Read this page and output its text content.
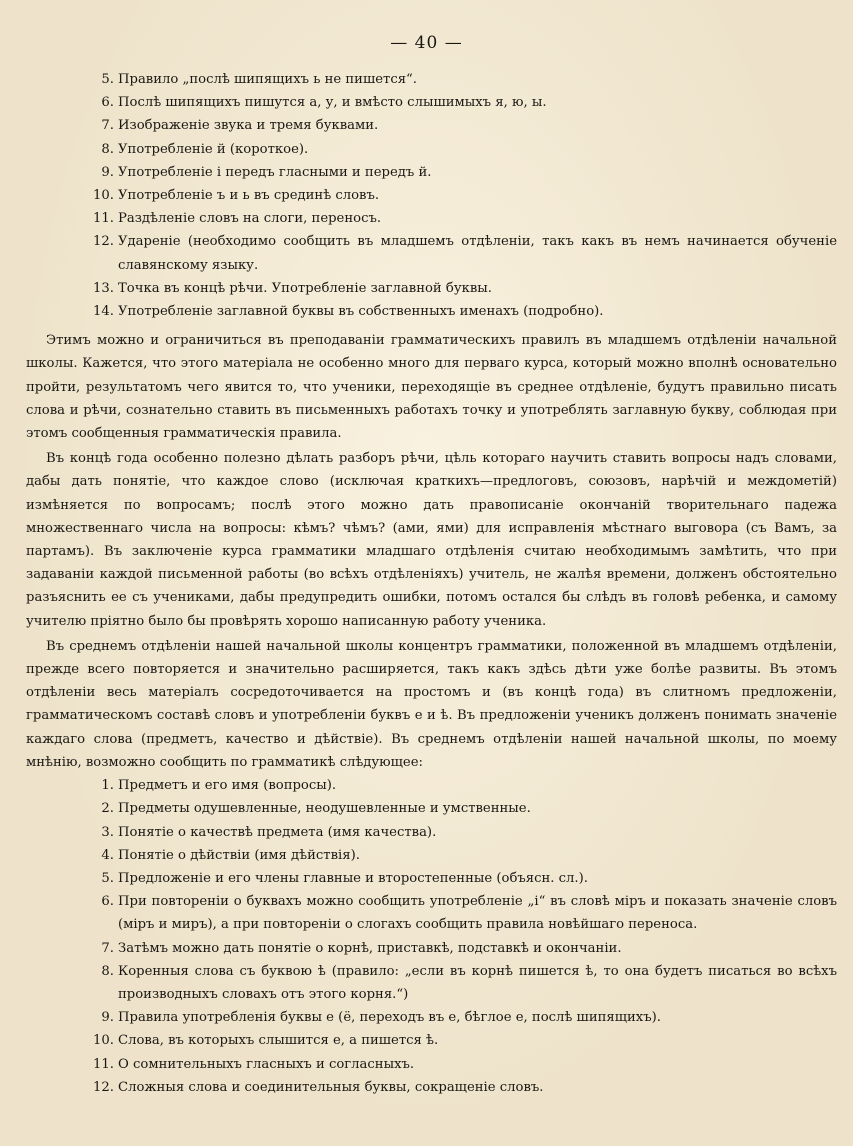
— 40 —
5. Правило „послѣ шипящихъ ь не пишется“.
6. Послѣ шипящихъ пишутся а, у, и вмѣсто слышимыхъ я, ю, ы.
7. Изображеніе звука и тремя буквами.
8. Употребленіе й (короткое).
9. Употребленіе і передъ гласными и передъ й.
10. Употребленіе ъ и ь въ срединѣ словъ.
11. Раздѣленіе словъ на слоги, переносъ.
12. Удареніе (необходимо сообщить въ младшемъ отдѣленіи, такъ какъ въ немъ начинается обученіе славянскому языку.
13. Точка въ концѣ рѣчи. Употребленіе заглавной буквы.
14. Употребленіе заглавной буквы въ собственныхъ именахъ (подробно).

Этимъ можно и ограничиться въ преподаваніи грамматическихъ правилъ въ младшемъ отдѣленіи начальной школы. Кажется, что этого матеріала не особенно много для перваго курса, который можно вполнѣ основательно пройти, результатомъ чего явится то, что ученики, переходящіе въ среднее отдѣленіе, будутъ правильно писать слова и рѣчи, сознательно ставить въ письменныхъ работахъ точку и употреблять заглавную букву, соблюдая при этомъ сообщенныя грамматическія правила.

Въ концѣ года особенно полезно дѣлать разборъ рѣчи, цѣль котораго научить ставить вопросы надъ словами, дабы дать понятіе, что каждое слово (исключая краткихъ—предлоговъ, союзовъ, нарѣчій и междометій) измѣняется по вопросамъ; послѣ этого можно дать правописаніе окончаній творительнаго падежа множественнаго числа на вопросы: кѣмъ? чѣмъ? (ами, ями) для исправленія мѣстнаго выговора (съ Вамъ, за партамъ). Въ заключеніе курса грамматики младшаго отдѣленія считаю необходимымъ замѣтить, что при задаваніи каждой письменной работы (во всѣхъ отдѣленіяхъ) учитель, не жалѣя времени, долженъ обстоятельно разъяснить ее съ учениками, дабы предупредить ошибки, потомъ остался бы слѣдъ въ головѣ ребенка, и самому учителю пріятно было бы провѣрять хорошо написанную работу ученика.

Въ среднемъ отдѣленіи нашей начальной школы концентръ грамматики, положенной въ младшемъ отдѣленіи, прежде всего повторяется и значительно расширяется, такъ какъ здѣсь дѣти уже болѣе развиты. Въ этомъ отдѣленіи весь матеріалъ сосредоточивается на простомъ и (въ концѣ года) въ слитномъ предложеніи, грамматическомъ составѣ словъ и употребленіи буквъ е и ѣ. Въ предложеніи ученикъ долженъ понимать значеніе каждаго слова (предметъ, качество и дѣйствіе). Въ среднемъ отдѣленіи нашей начальной школы, по моему мнѣнію, возможно сообщить по грамматикѣ слѣдующее:

1. Предметъ и его имя (вопросы).
2. Предметы одушевленные, неодушевленные и умственные.
3. Понятіе о качествѣ предмета (имя качества).
4. Понятіе о дѣйствіи (имя дѣйствія).
5. Предложеніе и его члены главные и второстепенные (объясн. сл.).
6. При повтореніи о буквахъ можно сообщить употребленіе „і“ въ словѣ міръ и показать значеніе словъ (міръ и миръ), а при повтореніи о слогахъ сообщить правила новѣйшаго переноса.
7. Затѣмъ можно дать понятіе о корнѣ, приставкѣ, подставкѣ и окончаніи.
8. Коренныя слова съ буквою ѣ (правило: „если въ корнѣ пишется ѣ, то она будетъ писаться во всѣхъ производныхъ словахъ отъ этого корня.“)
9. Правила употребленія буквы е (ё, переходъ въ е, бѣглое е, послѣ шипящихъ).
10. Слова, въ которыхъ слышится е, а пишется ѣ.
11. О сомнительныхъ гласныхъ и согласныхъ.
12. Сложныя слова и соединительныя буквы, сокращеніе словъ.
